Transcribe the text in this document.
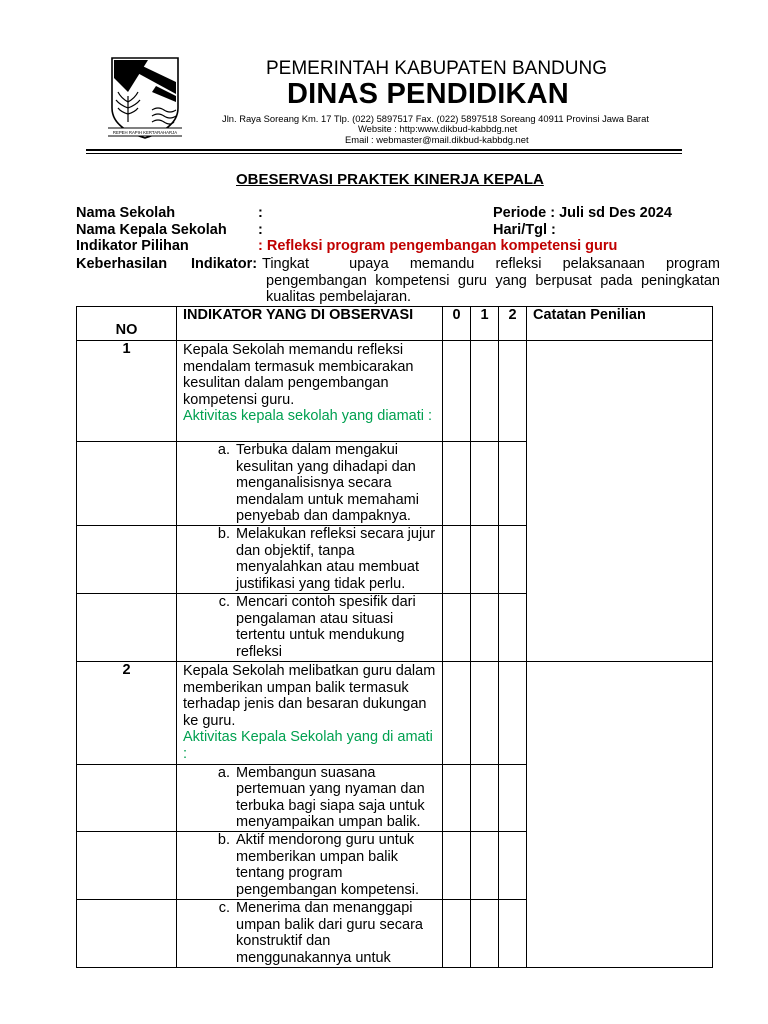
REPEH RAPIH KERTARAHARJA
PEMERINTAH KABUPATEN BANDUNG
DINAS PENDIDIKAN
Jln. Raya Soreang Km. 17 Tlp. (022) 5897517 Fax. (022) 5897518 Soreang 40911 Provinsi Jawa Barat
Website : http:www.dikbud-kabbdg.net
Email : webmaster@mail.dikbud-kabbdg.net
OBESERVASI PRAKTEK KINERJA KEPALA
Nama Sekolah	:	Periode : Juli sd Des 2024
Nama Kepala Sekolah :	Hari/Tgl :
Indikator Pilihan	: Refleksi program pengembangan kompetensi guru
Keberhasilan Indikator: Tingkat	upaya memandu refleksi pelaksanaan program pengembangan kompetensi guru yang berpusat pada peningkatan kualitas pembelajaran.
NO	INDIKATOR YANG DI OBSERVASI	0	1	2	Catatan Penilian
1	Kepala Sekolah memandu refleksi mendalam termasuk membicarakan kesulitan dalam pengembangan kompetensi guru.
Aktivitas kepala sekolah yang diamati :				

	a. Terbuka dalam mengakui kesulitan yang dihadapi dan menganalisisnya secara mendalam untuk memahami penyebab dan dampaknya.				

	b. Melakukan refleksi secara jujur dan objektif, tanpa menyalahkan atau membuat justifikasi yang tidak perlu.				

	c. Mencari contoh spesifik dari pengalaman atau situasi tertentu untuk mendukung refleksi				

2	Kepala Sekolah melibatkan guru dalam memberikan umpan balik termasuk terhadap jenis dan besaran dukungan ke guru.
Aktivitas Kepala Sekolah yang di amati :				

	a. Membangun suasana pertemuan yang nyaman dan terbuka bagi siapa saja untuk menyampaikan umpan balik.				

	b. Aktif mendorong guru untuk memberikan umpan balik tentang program pengembangan kompetensi.				

	c. Menerima dan menanggapi umpan balik dari guru secara konstruktif dan menggunakannya untuk				
